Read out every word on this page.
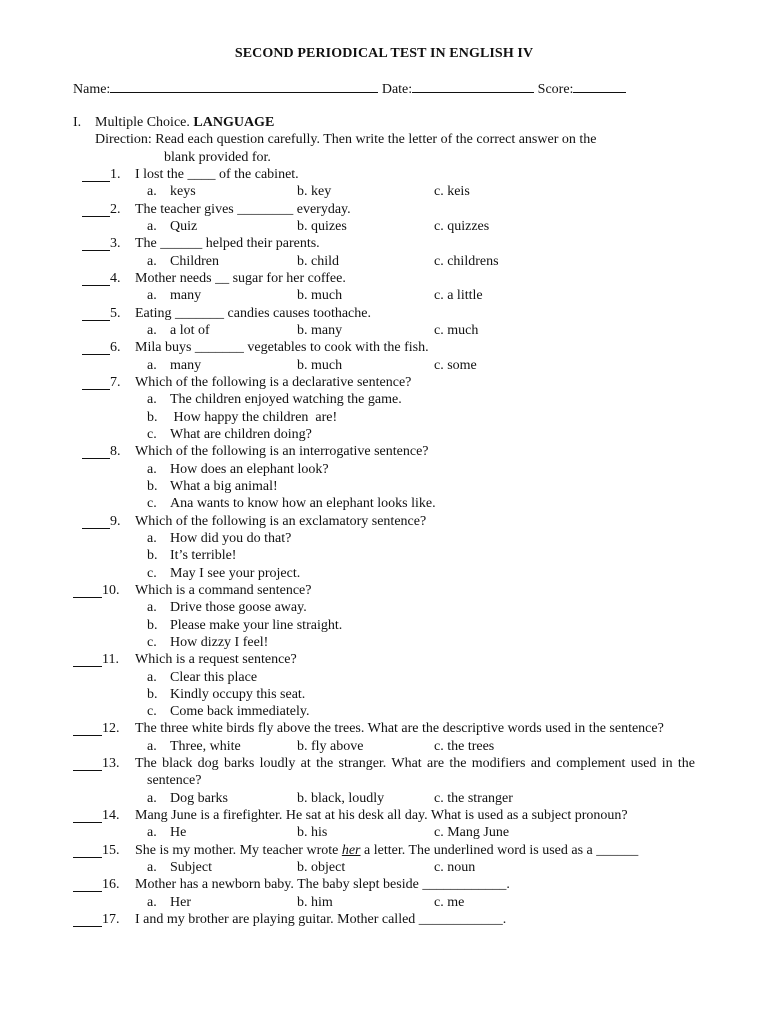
SECOND PERIODICAL TEST IN ENGLISH IV
Name:	Date:	Score:
I. Multiple Choice. LANGUAGE
Direction: Read each question carefully. Then write the letter of the correct answer on the
blank provided for.
1. I lost the ____ of the cabinet.
a. keys	b. key	c. keis
2. The teacher gives ________ everyday.
a. Quiz	b. quizes	c. quizzes
3. The ______ helped their parents.
a. Children	b. child	c. childrens
4. Mother needs __ sugar for her coffee.
a. many	b. much	c. a little
5. Eating _______ candies causes toothache.
a. a lot of	b. many	c. much
6. Mila buys _______ vegetables to cook with the fish.
a. many	b. much	c. some
7. Which of the following is a declarative sentence?
a. The children enjoyed watching the game.
b. How happy the children  are!
c. What are children doing?
8. Which of the following is an interrogative sentence?
a. How does an elephant look?
b. What a big animal!
c. Ana wants to know how an elephant looks like.
9. Which of the following is an exclamatory sentence?
a. How did you do that?
b. It’s terrible!
c. May I see your project.
10. Which is a command sentence?
a. Drive those goose away.
b. Please make your line straight.
c. How dizzy I feel!
11. Which is a request sentence?
a. Clear this place
b. Kindly occupy this seat.
c. Come back immediately.
12.	The three white birds fly above the trees. What are the descriptive words used in the sentence?
a. Three, white	b. fly above	c. the trees
13.	The black dog barks loudly at the stranger. What are the modifiers and complement used in the sentence?
a. Dog barks	b. black, loudly	c. the stranger
14. Mang June is a firefighter. He sat at his desk all day. What is used as a subject pronoun?
a. He	b. his	c. Mang June
15. She is my mother. My teacher wrote her a letter. The underlined word is used as a ______
a. Subject	b. object	c. noun
16. Mother has a newborn baby. The baby slept beside ____________.
a. Her	b. him	c. me
17. I and my brother are playing guitar. Mother called ____________.
